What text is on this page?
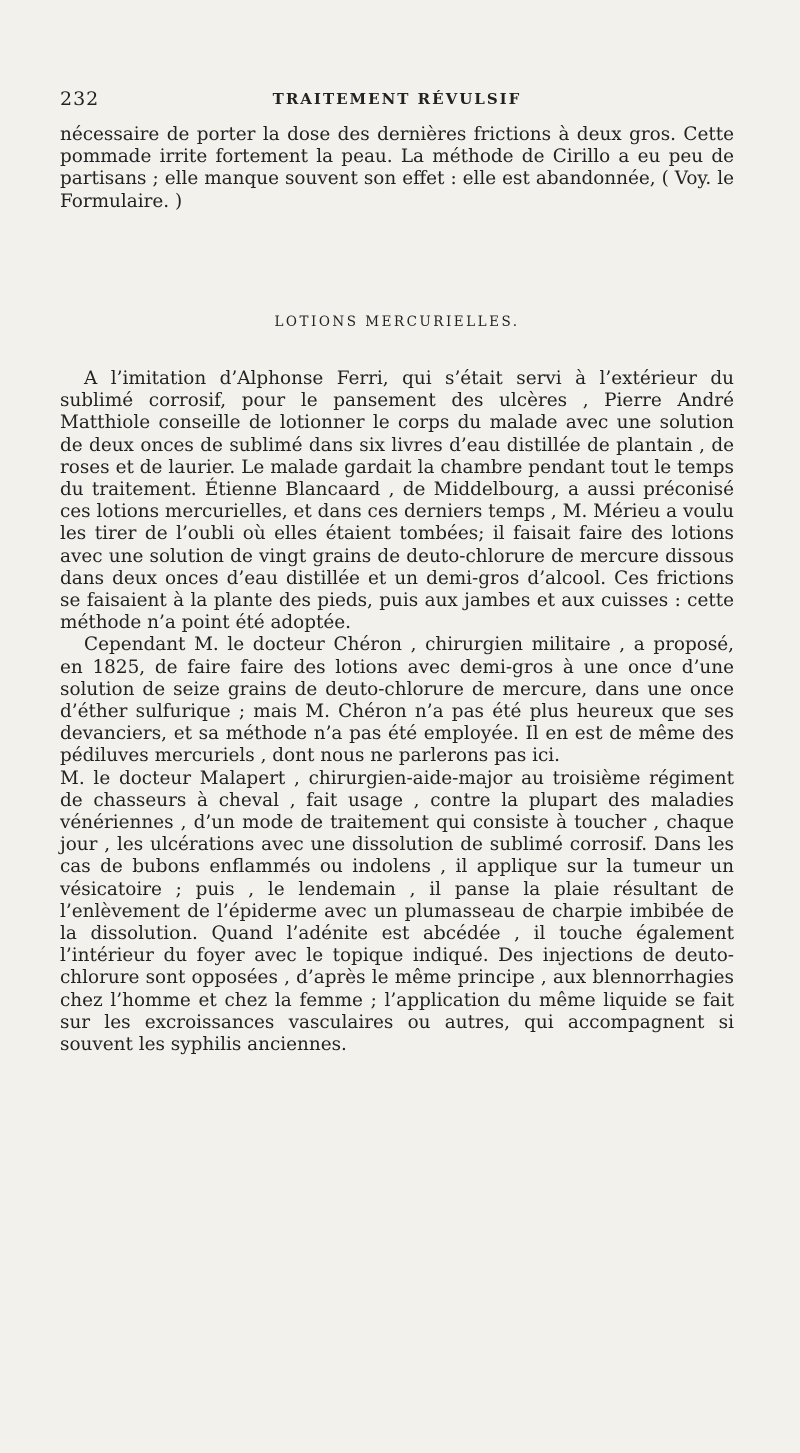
232	TRAITEMENT RÉVULSIF

nécessaire de porter la dose des dernières frictions à deux gros. Cette pommade irrite fortement la peau. La méthode de Cirillo a eu peu de partisans ; elle manque souvent son effet : elle est abandonnée, ( Voy. le Formulaire. )

LOTIONS MERCURIELLES.

A l’imitation d’Alphonse Ferri, qui s’était servi à l’extérieur du sublimé corrosif, pour le pansement des ulcères , Pierre André Matthiole conseille de lotionner le corps du malade avec une solution de deux onces de sublimé dans six livres d’eau distillée de plantain , de roses et de laurier. Le malade gardait la chambre pendant tout le temps du traitement. Étienne Blancaard , de Middelbourg, a aussi préconisé ces lotions mercurielles, et dans ces derniers temps , M. Mérieu a voulu les tirer de l’oubli où elles étaient tombées; il faisait faire des lotions avec une solution de vingt grains de deuto-chlorure de mercure dissous dans deux onces d’eau distillée et un demi-gros d’alcool. Ces frictions se faisaient à la plante des pieds, puis aux jambes et aux cuisses : cette méthode n’a point été adoptée.

Cependant M. le docteur Chéron , chirurgien militaire , a proposé, en 1825, de faire faire des lotions avec demi-gros à une once d’une solution de seize grains de deuto-chlorure de mercure, dans une once d’éther sulfurique ; mais M. Chéron n’a pas été plus heureux que ses devanciers, et sa méthode n’a pas été employée. Il en est de même des pédiluves mercuriels , dont nous ne parlerons pas ici.

M. le docteur Malapert , chirurgien-aide-major au troisième régiment de chasseurs à cheval , fait usage , contre la plupart des maladies vénériennes , d’un mode de traitement qui consiste à toucher , chaque jour , les ulcérations avec une dissolution de sublimé corrosif. Dans les cas de bubons enflammés ou indolens , il applique sur la tumeur un vésicatoire ; puis , le lendemain , il panse la plaie résultant de l’enlèvement de l’épiderme avec un plumasseau de charpie imbibée de la dissolution. Quand l’adénite est abcédée , il touche également l’intérieur du foyer avec le topique indiqué. Des injections de deuto-chlorure sont opposées , d’après le même principe , aux blennorrhagies chez l’homme et chez la femme ; l’application du même liquide se fait sur les excroissances vasculaires ou autres, qui accompagnent si souvent les syphilis anciennes.
